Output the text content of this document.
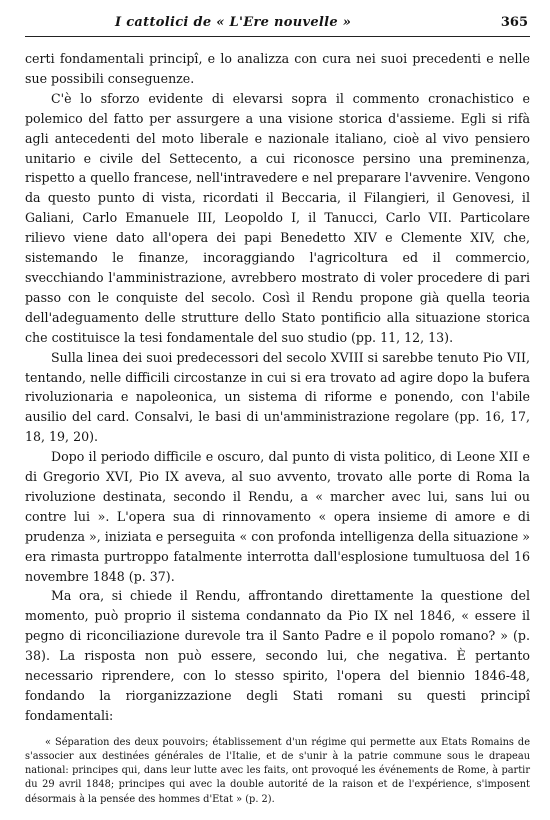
I cattolici de « L'Ere nouvelle »	365

certi fondamentali principî, e lo analizza con cura nei suoi precedenti e nelle sue possibili conseguenze.

C'è lo sforzo evidente di elevarsi sopra il commento cronachistico e polemico del fatto per assurgere a una visione storica d'assieme. Egli si rifà agli antecedenti del moto liberale e nazionale italiano, cioè al vivo pensiero unitario e civile del Settecento, a cui riconosce persino una preminenza, rispetto a quello francese, nell'intravedere e nel preparare l'avvenire. Vengono da questo punto di vista, ricordati il Beccaria, il Filangieri, il Genovesi, il Galiani, Carlo Emanuele III, Leopoldo I, il Tanucci, Carlo VII. Particolare rilievo viene dato all'opera dei papi Benedetto XIV e Clemente XIV, che, sistemando le finanze, incoraggiando l'agricoltura ed il commercio, svecchiando l'amministrazione, avrebbero mostrato di voler procedere di pari passo con le conquiste del secolo. Così il Rendu propone già quella teoria dell'adeguamento delle strutture dello Stato pontificio alla situazione storica che costituisce la tesi fondamentale del suo studio (pp. 11, 12, 13).

Sulla linea dei suoi predecessori del secolo XVIII si sarebbe tenuto Pio VII, tentando, nelle difficili circostanze in cui si era trovato ad agire dopo la bufera rivoluzionaria e napoleonica, un sistema di riforme e ponendo, con l'abile ausilio del card. Consalvi, le basi di un'amministrazione regolare (pp. 16, 17, 18, 19, 20).

Dopo il periodo difficile e oscuro, dal punto di vista politico, di Leone XII e di Gregorio XVI, Pio IX aveva, al suo avvento, trovato alle porte di Roma la rivoluzione destinata, secondo il Rendu, a « marcher avec lui, sans lui ou contre lui ». L'opera sua di rinnovamento « opera insieme di amore e di prudenza », iniziata e perseguita « con profonda intelligenza della situazione » era rimasta purtroppo fatalmente interrotta dall'esplosione tumultuosa del 16 novembre 1848 (p. 37).

Ma ora, si chiede il Rendu, affrontando direttamente la questione del momento, può proprio il sistema condannato da Pio IX nel 1846, « essere il pegno di riconciliazione durevole tra il Santo Padre e il popolo romano? » (p. 38). La risposta non può essere, secondo lui, che negativa. È pertanto necessario riprendere, con lo stesso spirito, l'opera del biennio 1846-48, fondando la riorganizzazione degli Stati romani su questi principî fondamentali:

« Séparation des deux pouvoirs; établissement d'un régime qui permette aux Etats Romains de s'associer aux destinées générales de l'Italie, et de s'unir à la patrie commune sous le drapeau national: principes qui, dans leur lutte avec les faits, ont provoqué les événements de Rome, à partir du 29 avril 1848; principes qui avec la double autorité de la raison et de l'expérience, s'imposent désormais à la pensée des hommes d'Etat » (p. 2).
